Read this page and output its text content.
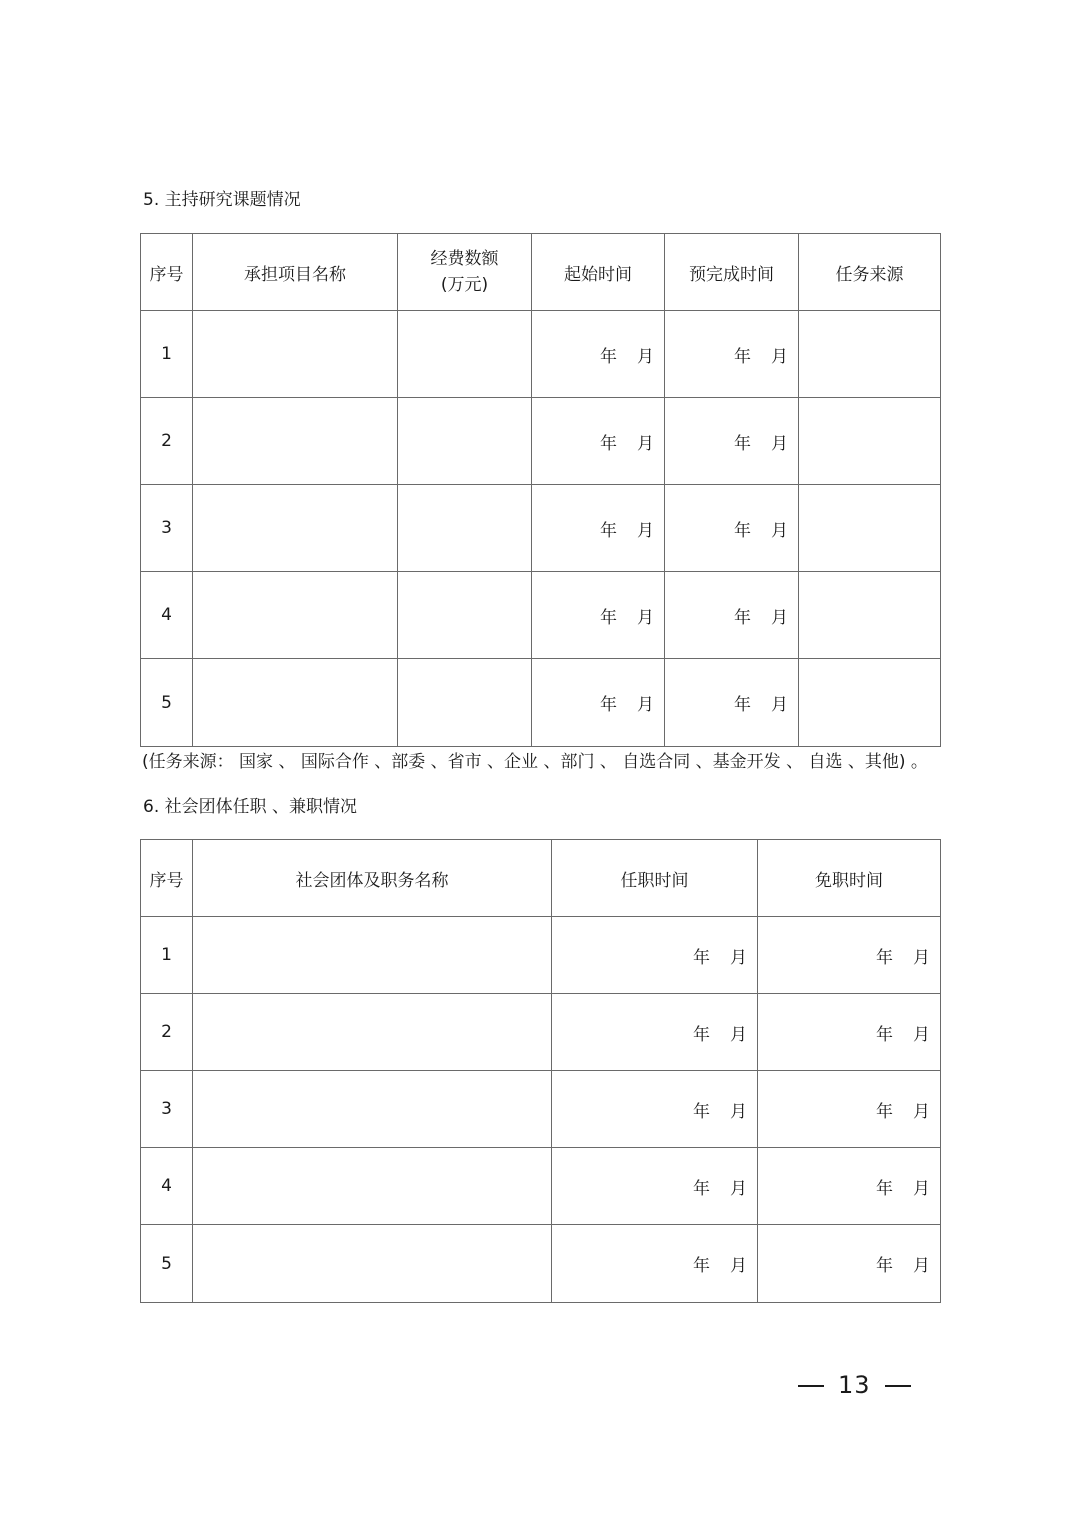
5. 主持研究课题情况
序号	承担项目名称	经费数额
(万元)	起始时间	预完成时间	任务来源
1			年 月	年 月	
2			年 月	年 月	
3			年 月	年 月	
4			年 月	年 月	
5			年 月	年 月	
(任务来源： 国家 、 国际合作 、部委 、省市 、企业 、部门 、 自选合同 、基金开发 、 自选 、其他) 。
6. 社会团体任职 、兼职情况
序号	社会团体及职务名称	任职时间	免职时间
1		年 月	年 月
2		年 月	年 月
3		年 月	年 月
4		年 月	年 月
5		年 月	年 月
13
